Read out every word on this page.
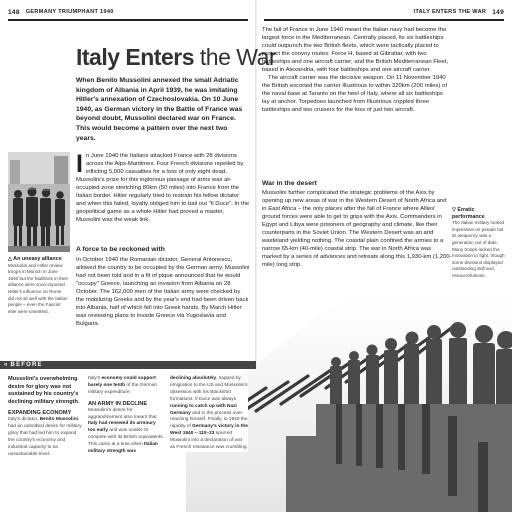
148 GERMANY TRIUMPHANT 1940	ITALY ENTERS THE WAR 149
Italy Enters the War

When Benito Mussolini annexed the small Adriatic kingdom of Albania in April 1939, he was imitating Hitler's annexation of Czechoslovakia. On 10 June 1940, as German victory in the Battle of France was beyond doubt, Mussolini declared war on France. This would become a pattern over the next two years.

△ An uneasy alliance
Mussolini and Hitler review troops in Munich in June 1940 but the faultlines in their alliance were soon exposed. Hitler's influence on Rome did not sit well with the Italian people – even the Fascist elite were unsettled.

In June 1940 the Italians attacked France with 28 divisions across the Alps-Maritimes. Four French divisions repelled by inflicting 5,000 casualties for a loss of only eight dead. Mussolini's prize for this inglorious passage of arms was an occupied zone stretching 80km (50 miles) into France from the Italian border. Hitler regularly tried to restrain his fellow dictator and when this failed, loyalty obliged him to bail out "Il Duce". In the geopolitical game as a whole Hitler had proved a master, Mussolini was the weak link.

A force to be reckoned with

In October 1940 the Romanian dictator, General Antonescu, allowed the country to be occupied by the German army. Mussolini had not been told and in a fit of pique announced that he would "occupy" Greece, launching an invasion from Albania on 28 October. The 162,000 men of the Italian army were checked by the mobilizing Greeks and by the year's end had been driven back into Albania, half of which fell into Greek hands. By March Hitler was reviewing plans to invade Greece via Yugoslavia and Bulgaria.

The fall of France in June 1940 meant the Italian navy had become the largest force in the Mediterranean. Centrally placed, its six battleships could outpunch the two British fleets, which were tactically placed to protect the convoy routes: Force H, based at Gibraltar, with two battleships and one aircraft carrier; and the British Mediterranean Fleet, based in Alexandria, with four battleships and one aircraft carrier.

The aircraft carrier was the decisive weapon. On 11 November 1940 the British escorted the carrier Illustrious to within 320km (200 miles) of the naval base at Taranto on the heel of Italy, where all six battleships lay at anchor. Torpedoes launched from Illustrious crippled three battleships and two cruisers for the loss of just two aircraft.

War in the desert

Mussolini further complicated the strategic problems of the Axis by opening up new areas of war in the Western Desert of North Africa and in East Africa – the only places after the fall of France where Allies' ground forces were able to get to grips with the Axis. Commanders in Egypt and Libya were prisoners of geography and climate, like their counterparts in the Soviet Union. The Western Desert was an arid wasteland yielding nothing. The coastal plain confined the armies to a narrow 65-km (40-mile) coastal strip. The war in North Africa was marked by a series of advances and retreats along this 1,930-km (1,200-mile) long strip.

▽ Erratic performance
The Italian military looked impressive on parade but its weaponry was a generation out of date. Many troops lacked the motivation to fight, though some divisions displayed outstanding skill and resourcefulness.
« BEFORE
Mussolini's overwhelming desire for glory was not sustained by his country's declining military strength.
EXPANDING ECONOMY
Italy's dictator, Benito Mussolini, had an unbridled desire for military glory that had led him to expand the country's economy and industrial capacity to an unsustainable level.
Italy's economy could support barely one tenth of the German military expenditure.
AN ARMY IN DECLINE
Mussolini's desire for aggrandizement also meant that Italy had renewed its armoury too early and was unable to compete with its British equivalents. This came at a time when Italian military strength was
declining absolutely, sapped by emigration to the US and Mussolini's obsession with his Blackshirt formations. If Duce was always running to catch up with Nazi Germany and in the process over-reaching himself. Finally, in 1940 the rapidity of Germany's victory in the West 1940 – 110–23 spurred Mussolini into a declaration of war as French resistance was crumbling.
